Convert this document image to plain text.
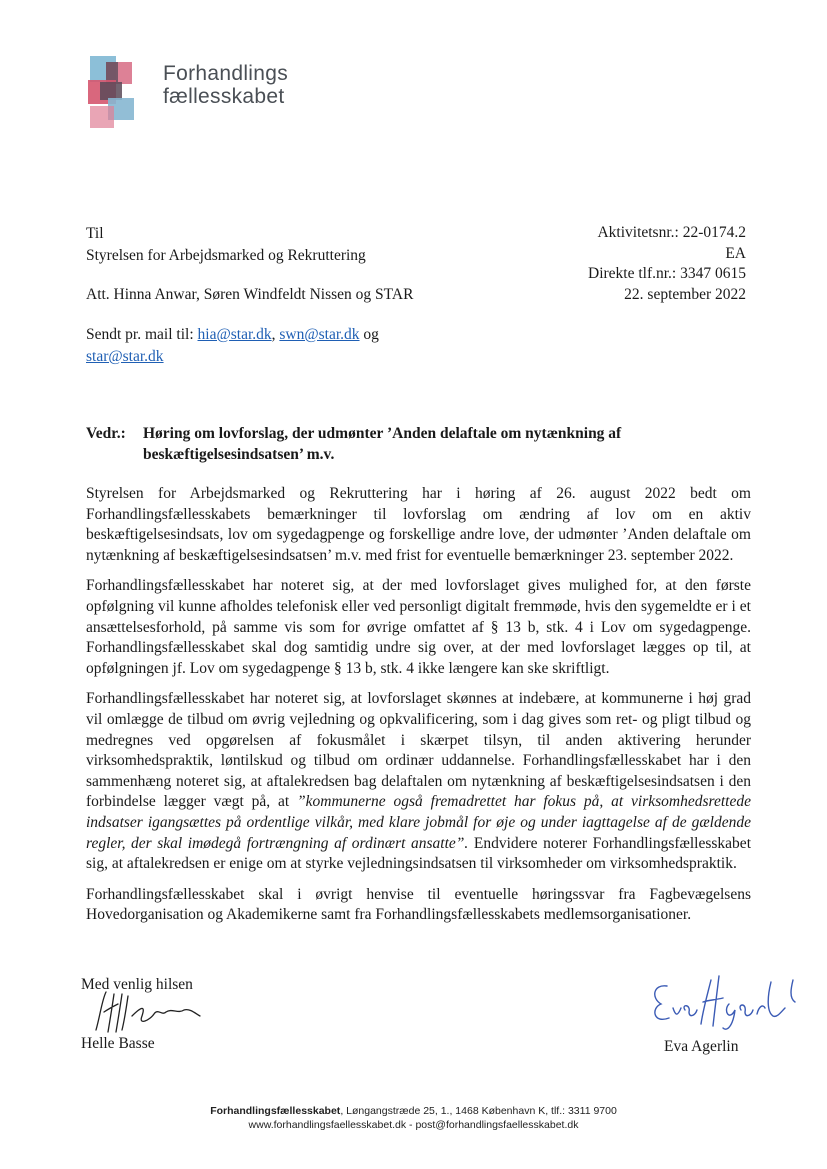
Forhandlings
fællesskabet
Til
Styrelsen for Arbejdsmarked og Rekruttering
Att. Hinna Anwar, Søren Windfeldt Nissen og STAR
Aktivitetsnr.: 22-0174.2
EA
Direkte tlf.nr.: 3347 0615
22. september 2022
Sendt pr. mail til: hia@star.dk, swn@star.dk og
star@star.dk
Vedr.: Høring om lovforslag, der udmønter ’Anden delaftale om nytænkning af beskæftigelsesindsatsen’ m.v.

Styrelsen for Arbejdsmarked og Rekruttering har i høring af 26. august 2022 bedt om Forhandlingsfællesskabets bemærkninger til lovforslag om ændring af lov om en aktiv beskæftigelsesindsats, lov om sygedagpenge og forskellige andre love, der udmønter ’Anden delaftale om nytænkning af beskæftigelsesindsatsen’ m.v. med frist for eventuelle bemærkninger 23. september 2022.

Forhandlingsfællesskabet har noteret sig, at der med lovforslaget gives mulighed for, at den første opfølgning vil kunne afholdes telefonisk eller ved personligt digitalt fremmøde, hvis den sygemeldte er i et ansættelsesforhold, på samme vis som for øvrige omfattet af § 13 b, stk. 4 i Lov om sygedagpenge. Forhandlingsfællesskabet skal dog samtidig undre sig over, at der med lovforslaget lægges op til, at opfølgningen jf. Lov om sygedagpenge § 13 b, stk. 4 ikke længere kan ske skriftligt.

Forhandlingsfællesskabet har noteret sig, at lovforslaget skønnes at indebære, at kommunerne i høj grad vil omlægge de tilbud om øvrig vejledning og opkvalificering, som i dag gives som ret- og pligt tilbud og medregnes ved opgørelsen af fokusmålet i skærpet tilsyn, til anden aktivering herunder virksomhedspraktik, løntilskud og tilbud om ordinær uddannelse. Forhandlingsfællesskabet har i den sammenhæng noteret sig, at aftalekredsen bag delaftalen om nytænkning af beskæftigelsesindsatsen i den forbindelse lægger vægt på, at ”kommunerne også fremadrettet har fokus på, at virksomhedsrettede indsatser igangsættes på ordentlige vilkår, med klare jobmål for øje og under iagttagelse af de gældende regler, der skal imødegå fortrængning af ordinært ansatte”. Endvidere noterer Forhandlingsfællesskabet sig, at aftalekredsen er enige om at styrke vejledningsindsatsen til virksomheder om virksomhedspraktik.

Forhandlingsfællesskabet skal i øvrigt henvise til eventuelle høringssvar fra Fagbevægelsens Hovedorganisation og Akademikerne samt fra Forhandlingsfællesskabets medlemsorganisationer.

Med venlig hilsen
Helle Basse	Eva Agerlin
Forhandlingsfællesskabet, Løngangstræde 25, 1., 1468 København K, tlf.: 3311 9700
www.forhandlingsfaellesskabet.dk - post@forhandlingsfaellesskabet.dk
